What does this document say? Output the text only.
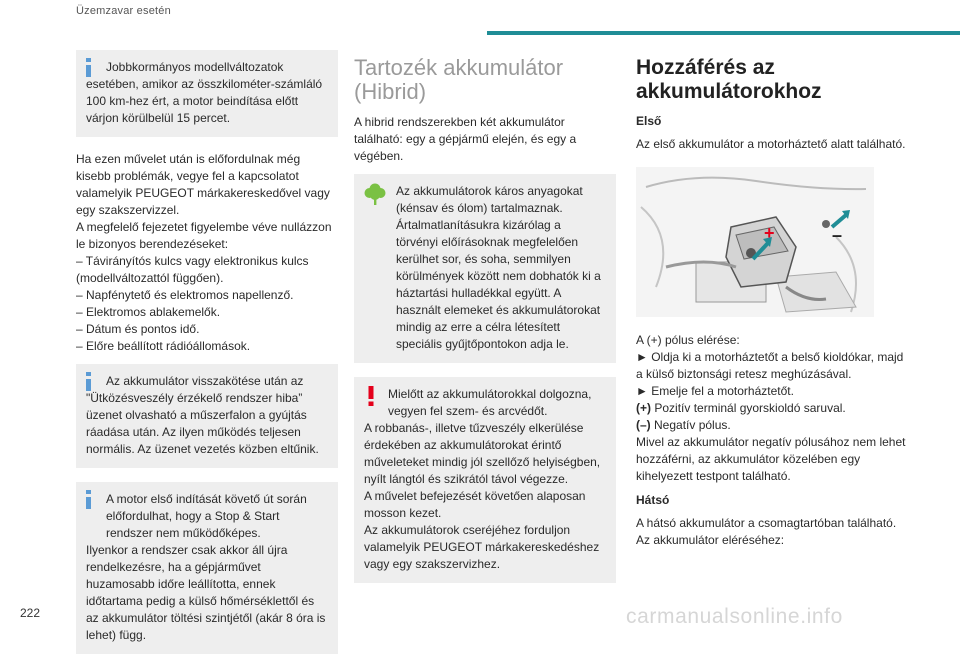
Üzemzavar esetén

Jobbkormányos modellváltozatok

esetében, amikor az összkilométer-számláló 100 km-hez ért, a motor beindítása előtt várjon körülbelül 15 percet.

Ha ezen művelet után is előfordulnak még kisebb problémák, vegye fel a kapcsolatot valamelyik PEUGEOT márkakereskedővel vagy egy szakszervizzel.

A megfelelő fejezetet figyelembe véve nullázzon le bizonyos berendezéseket:

– Távirányítós kulcs vagy elektronikus kulcs (modellváltozattól függően).

– Napfénytető és elektromos napellenző.

– Elektromos ablakemelők.

– Dátum és pontos idő.

– Előre beállított rádióállomások.

Az akkumulátor visszakötése után az

"Ütközésveszély érzékelő rendszer hiba” üzenet olvasható a műszerfalon a gyújtás ráadása után. Az ilyen működés teljesen normális. Az üzenet vezetés közben eltűnik.

A motor első indítását követő út során

előfordulhat, hogy a Stop & Start rendszer nem működőképes.

Ilyenkor a rendszer csak akkor áll újra rendelkezésre, ha a gépjárművet huzamosabb időre leállította, ennek időtartama pedig a külső hőmérséklettől és az akkumulátor töltési szintjétől (akár 8 óra is lehet) függ.

Tartozék akkumulátor (Hibrid)

A hibrid rendszerekben két akkumulátor található: egy a gépjármű elején, és egy a végében.

Az akkumulátorok káros anyagokat

(kénsav és ólom) tartalmaznak. Ártalmatlanításukra kizárólag a törvényi előírásoknak megfelelően kerülhet sor, és soha, semmilyen körülmények között nem dobhatók ki a háztartási hulladékkal együtt. A használt elemeket és akkumulátorokat mindig az erre a célra létesített speciális gyűjtőpontokon adja le.

Mielőtt az akkumulátorokkal dolgozna,

vegyen fel szem- és arcvédőt.

A robbanás-, illetve tűzveszély elkerülése érdekében az akkumulátorokat érintő műveleteket mindig jól szellőző helyiségben, nyílt lángtól és szikrától távol végezze.

A művelet befejezését követően alaposan mosson kezet.

Az akkumulátorok cseréjéhez forduljon valamelyik PEUGEOT márkakereskedéshez vagy egy szakszervizhez.

Hozzáférés az akkumulátorokhoz

Első

Az első akkumulátor a motorháztető alatt található.

+	–

A (+) pólus elérése:

► Oldja ki a motorháztetőt a belső kioldókar, majd a külső biztonsági retesz meghúzásával.

► Emelje fel a motorháztetőt.

(+) Pozitív terminál gyorskioldó saruval.

(–) Negatív pólus.

Mivel az akkumulátor negatív pólusához nem lehet hozzáférni, az akkumulátor közelében egy kihelyezett testpont található.

Hátsó

A hátsó akkumulátor a csomagtartóban található.

Az akkumulátor eléréséhez:

222	carmanualsonline.info
